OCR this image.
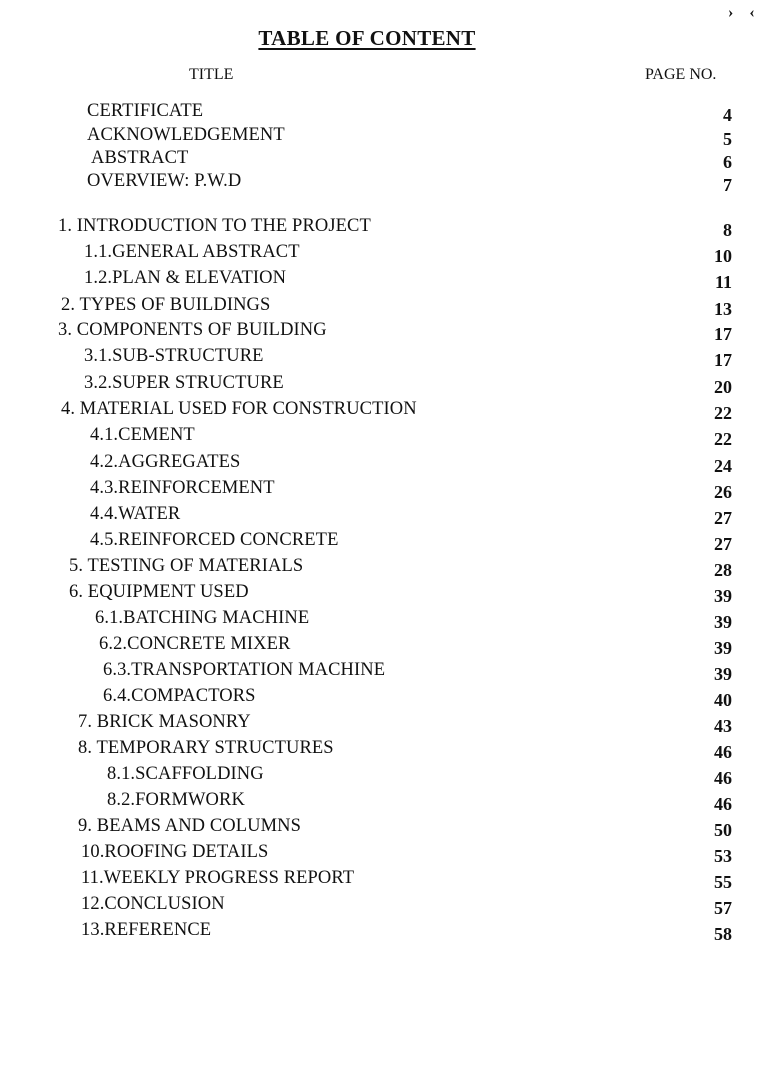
› ‹
TABLE OF CONTENT
TITLE	PAGE NO.
CERTIFICATE	4
ACKNOWLEDGEMENT	5
ABSTRACT	6
OVERVIEW: P.W.D	7
1. INTRODUCTION TO THE PROJECT	8
1.1.GENERAL ABSTRACT	10
1.2.PLAN & ELEVATION	11
2. TYPES OF BUILDINGS	13
3. COMPONENTS OF BUILDING	17
3.1.SUB-STRUCTURE	17
3.2.SUPER STRUCTURE	20
4. MATERIAL USED FOR CONSTRUCTION	22
4.1.CEMENT	22
4.2.AGGREGATES	24
4.3.REINFORCEMENT	26
4.4.WATER	27
4.5.REINFORCED CONCRETE	27
5. TESTING OF MATERIALS	28
6. EQUIPMENT USED	39
6.1.BATCHING MACHINE	39
6.2.CONCRETE MIXER	39
6.3.TRANSPORTATION MACHINE	39
6.4.COMPACTORS	40
7. BRICK MASONRY	43
8. TEMPORARY STRUCTURES	46
8.1.SCAFFOLDING	46
8.2.FORMWORK	46
9. BEAMS AND COLUMNS	50
10.ROOFING DETAILS	53
11.WEEKLY PROGRESS REPORT	55
12.CONCLUSION	57
13.REFERENCE	58
